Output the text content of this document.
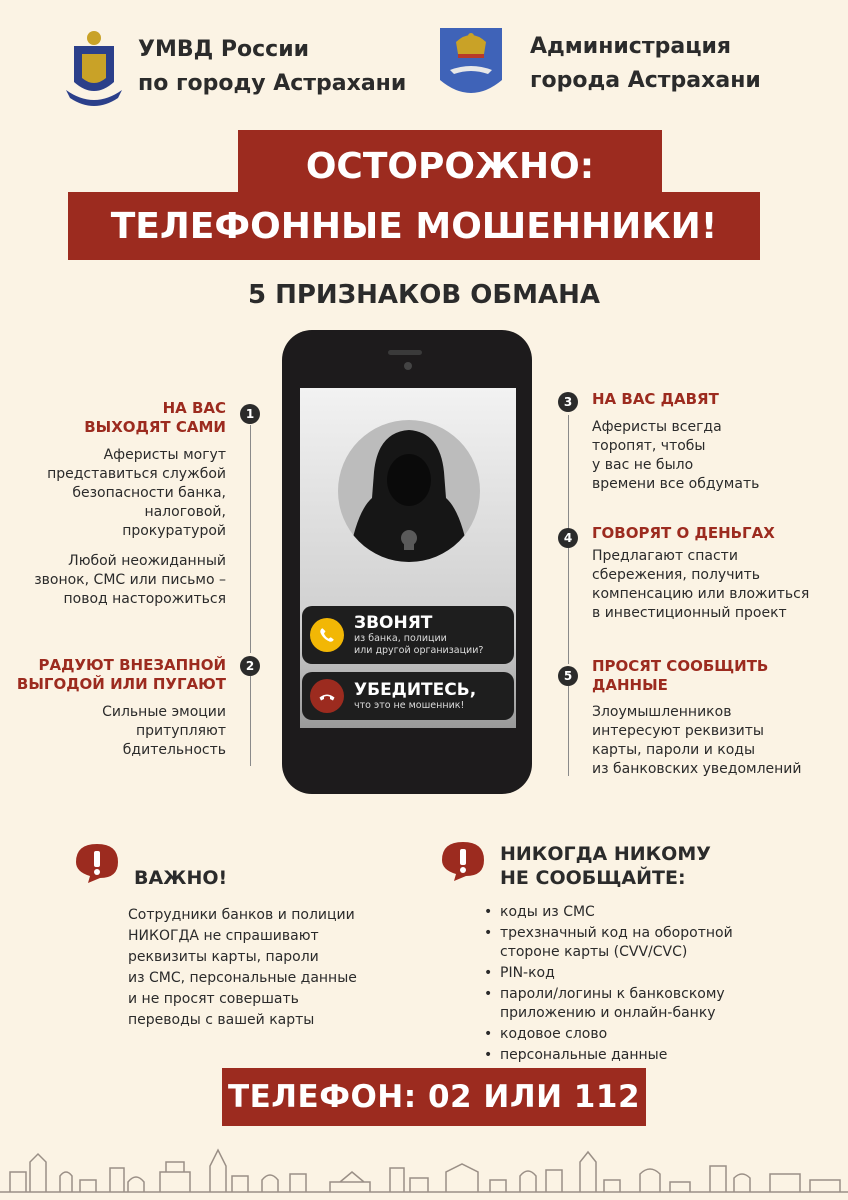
УМВД России
по городу Астрахани
Администрация
города Астрахани
ОСТОРОЖНО:
ТЕЛЕФОННЫЕ МОШЕННИКИ!
5 ПРИЗНАКОВ ОБМАНА
ЗВОНЯТ
из банка, полиции
или другой организации?
УБЕДИТЕСЬ,
что это не мошенник!
1
НА ВАС
ВЫХОДЯТ САМИ
Аферисты могут
представиться службой
безопасности банка,
налоговой,
прокуратурой
Любой неожиданный
звонок, СМС или письмо –
повод насторожиться
2
РАДУЮТ ВНЕЗАПНОЙ
ВЫГОДОЙ ИЛИ ПУГАЮТ
Сильные эмоции
притупляют
бдительность
3	НА ВАС ДАВЯТ
Аферисты всегда
торопят, чтобы
у вас не было
времени все обдумать
4	ГОВОРЯТ О ДЕНЬГАХ
Предлагают спасти
сбережения, получить
компенсацию или вложиться
в инвестиционный проект
5
ПРОСЯТ СООБЩИТЬ
ДАННЫЕ
Злоумышленников
интересуют реквизиты
карты, пароли и коды
из банковских уведомлений
ВАЖНО!
Сотрудники банков и полиции
НИКОГДА не спрашивают
реквизиты карты, пароли
из СМС, персональные данные
и не просят совершать
переводы с вашей карты
НИКОГДА НИКОМУ
НЕ СООБЩАЙТЕ:
• коды из СМС
• трехзначный код на оборотной
стороне карты (CVV/CVC)
• PIN-код
• пароли/логины к банковскому
приложению и онлайн-банку
• кодовое слово
• персональные данные
ТЕЛЕФОН: 02 ИЛИ 112
